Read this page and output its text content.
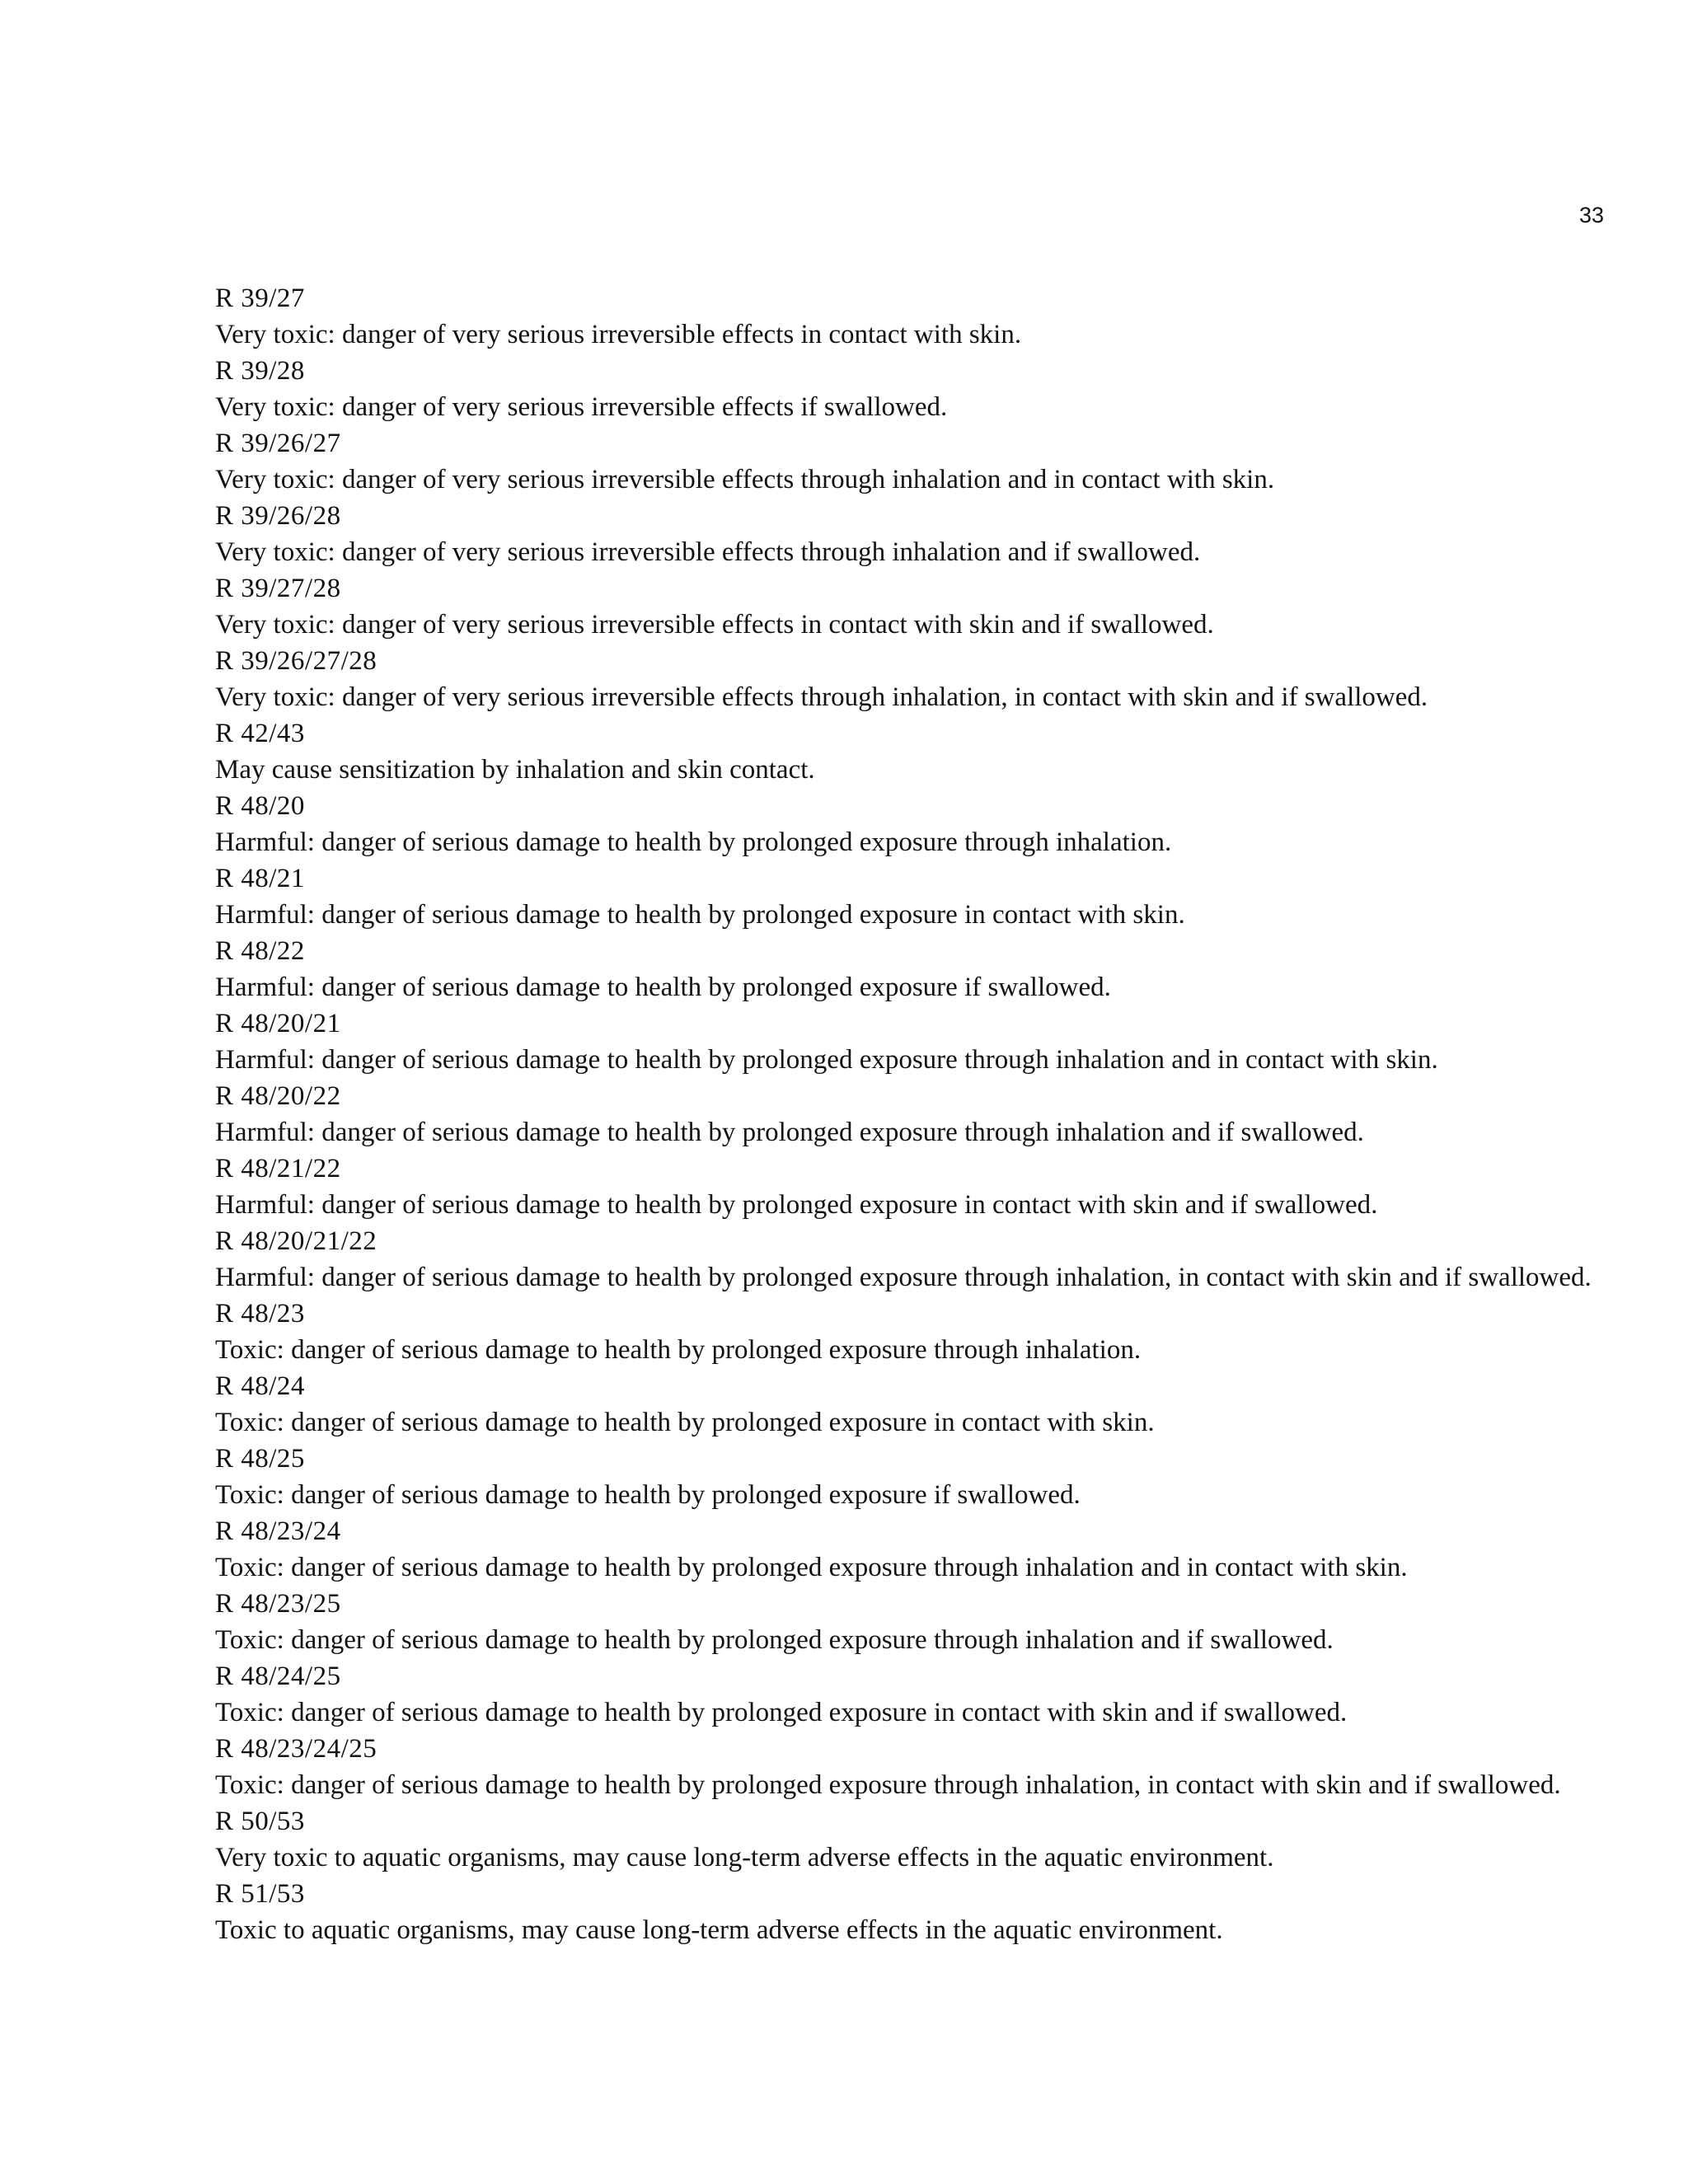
33
R 39/27
Very toxic: danger of very serious irreversible effects in contact with skin.
R 39/28
Very toxic: danger of very serious irreversible effects if swallowed.
R 39/26/27
Very toxic: danger of very serious irreversible effects through inhalation and in contact with skin.
R 39/26/28
Very toxic: danger of very serious irreversible effects through inhalation and if swallowed.
R 39/27/28
Very toxic: danger of very serious irreversible effects in contact with skin and if swallowed.
R 39/26/27/28
Very toxic: danger of very serious irreversible effects through inhalation, in contact with skin and if swallowed.
R 42/43
May cause sensitization by inhalation and skin contact.
R 48/20
Harmful: danger of serious damage to health by prolonged exposure through inhalation.
R 48/21
Harmful: danger of serious damage to health by prolonged exposure in contact with skin.
R 48/22
Harmful: danger of serious damage to health by prolonged exposure if swallowed.
R 48/20/21
Harmful: danger of serious damage to health by prolonged exposure through inhalation and in contact with skin.
R 48/20/22
Harmful: danger of serious damage to health by prolonged exposure through inhalation and if swallowed.
R 48/21/22
Harmful: danger of serious damage to health by prolonged exposure in contact with skin and if swallowed.
R 48/20/21/22
Harmful: danger of serious damage to health by prolonged exposure through inhalation, in contact with skin and if swallowed.
R 48/23
Toxic: danger of serious damage to health by prolonged exposure through inhalation.
R 48/24
Toxic: danger of serious damage to health by prolonged exposure in contact with skin.
R 48/25
Toxic: danger of serious damage to health by prolonged exposure if swallowed.
R 48/23/24
Toxic: danger of serious damage to health by prolonged exposure through inhalation and in contact with skin.
R 48/23/25
Toxic: danger of serious damage to health by prolonged exposure through inhalation and if swallowed.
R 48/24/25
Toxic: danger of serious damage to health by prolonged exposure in contact with skin and if swallowed.
R 48/23/24/25
Toxic: danger of serious damage to health by prolonged exposure through inhalation, in contact with skin and if swallowed.
R 50/53
Very toxic to aquatic organisms, may cause long-term adverse effects in the aquatic environment.
R 51/53
Toxic to aquatic organisms, may cause long-term adverse effects in the aquatic environment.
